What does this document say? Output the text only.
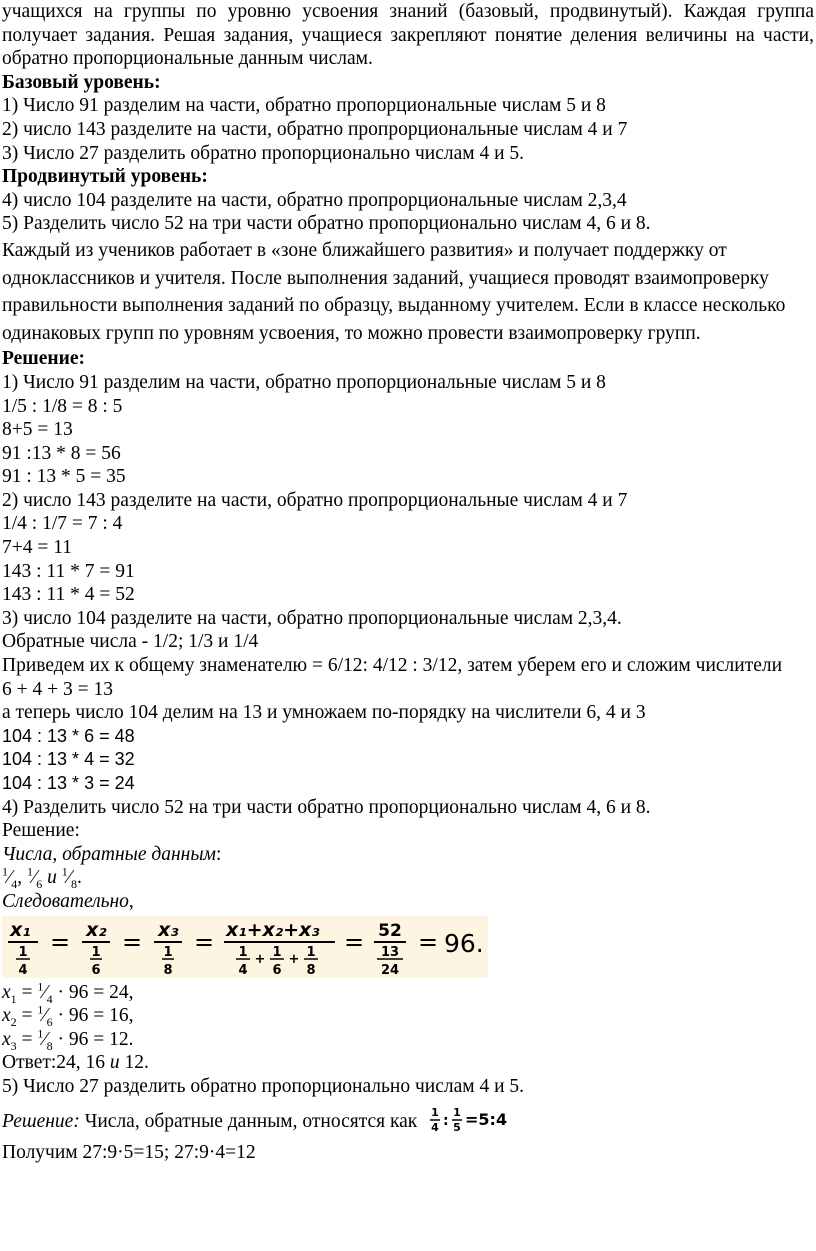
учащихся на группы по уровню усвоения знаний (базовый, продвинутый). Каждая группа получает задания. Решая задания, учащиеся закрепляют понятие деления величины на части, обратно пропорциональные данным числам.

Базовый уровень:

1) Число 91 разделим на части, обратно пропорциональные числам 5 и 8

2) число 143 разделите на части, обратно пропрорциональные числам 4 и 7

3) Число 27 разделить обратно пропорционально числам 4 и 5.

Продвинутый уровень:

4) число 104 разделите на части, обратно пропрорциональные числам 2,3,4

5) Разделить число 52 на три части обратно пропорционально числам 4, 6 и 8.

Каждый из учеников работает в «зоне ближайшего развития» и получает поддержку от одноклассников и учителя. После выполнения заданий, учащиеся проводят взаимопроверку правильности выполнения заданий по образцу, выданному учителем. Если в классе несколько одинаковых групп по уровням усвоения, то можно провести взаимопроверку групп.

Решение:

1) Число 91 разделим на части, обратно пропорциональные числам 5 и 8

1/5 : 1/8 = 8 : 5

8+5 = 13

91 :13 * 8 = 56

91 : 13 * 5 = 35

2) число 143 разделите на части, обратно пропрорциональные числам 4 и 7

1/4 : 1/7 = 7 : 4

7+4 = 11

143 : 11 * 7 = 91

143 : 11 * 4 = 52

3) число 104 разделите на части, обратно пропорциональные числам 2,3,4.

Обратные числа - 1/2; 1/3 и 1/4

Приведем их к общему знаменателю = 6/12: 4/12 : 3/12, затем уберем его и сложим числители

6 + 4 + 3 = 13

а теперь число 104 делим на 13 и умножаем по-порядку на числители 6, 4 и 3

104 : 13 * 6 = 48

104 : 13 * 4 = 32

104 : 13 * 3 = 24

4) Разделить число 52 на три части обратно пропорционально числам 4, 6 и 8.

Решение:

Числа, обратные данным:

$^1⁄_4$, $^1⁄_6$ и $^1⁄_8$.

Следовательно,

x₁	x₂	x₃ x₁+x₂+x₃
1
4
1
6
1
8
1
4
+ 1
6
+ 1
8
13
24
= = =	= =
52 96.

$x_1$ = $^1⁄_4 \cdot 96 = 24$,

$x_2$ = $^1⁄_6 \cdot 96 = 16$,

$x_3$ = $^1⁄_8 \cdot 96 = 12$.

Ответ:24, 16 и 12.

5) Число 27 разделить обратно пропорционально числам 4 и 5.

Решение: Числа, обратные данным, относятся как 1
4
1
5
: =5:4

Получим 27:9·5=15; 27:9·4=12
